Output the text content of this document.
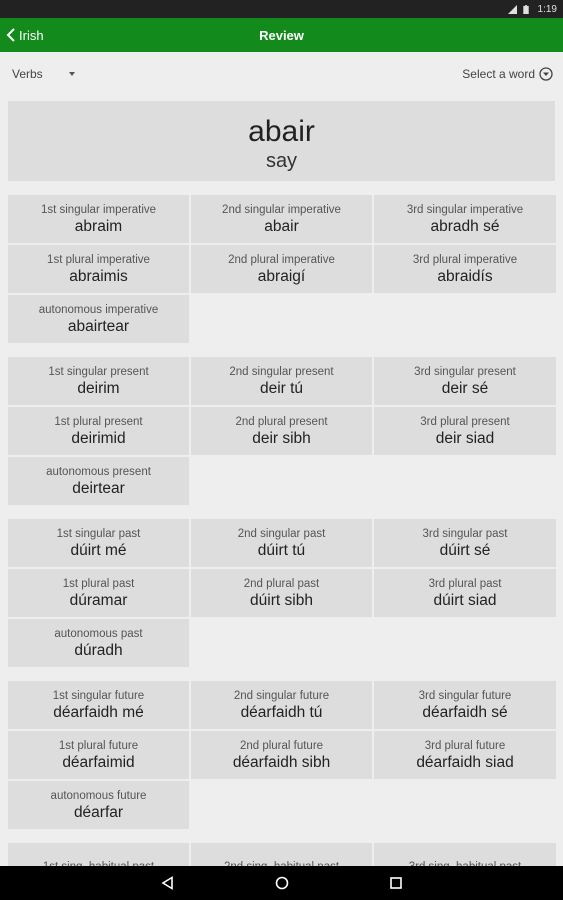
1:19
Irish	Review
Verbs	Select a word
abair
say
1st singular imperative
abraim
2nd singular imperative
abair
3rd singular imperative
abradh sé
1st plural imperative
abraimis
2nd plural imperative
abraigí
3rd plural imperative
abraidís
autonomous imperative
abairtear
1st singular present
deirim
2nd singular present
deir tú
3rd singular present
deir sé
1st plural present
deirimid
2nd plural present
deir sibh
3rd plural present
deir siad
autonomous present
deirtear
1st singular past
dúirt mé
2nd singular past
dúirt tú
3rd singular past
dúirt sé
1st plural past
dúramar
2nd plural past
dúirt sibh
3rd plural past
dúirt siad
autonomous past
dúradh
1st singular future
déarfaidh mé
2nd singular future
déarfaidh tú
3rd singular future
déarfaidh sé
1st plural future
déarfaimid
2nd plural future
déarfaidh sibh
3rd plural future
déarfaidh siad
autonomous future
déarfar
